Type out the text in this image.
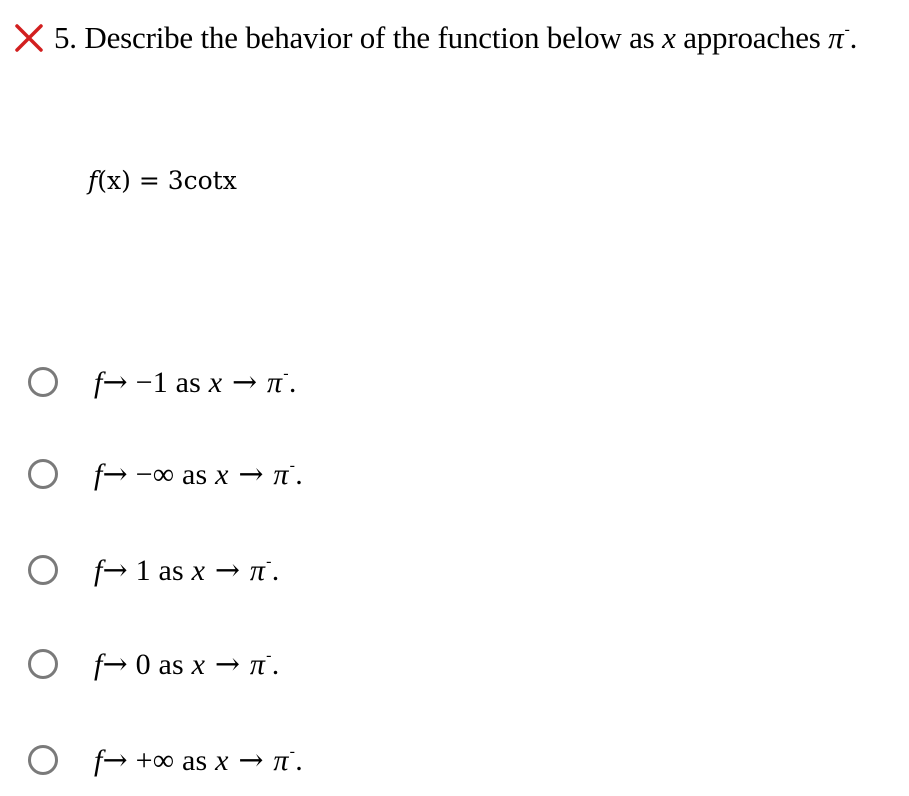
5. Describe the behavior of the function below as x approaches π-.
f(x) = 3cotx
f→ −1 as x → π-.
f→ −∞ as x → π-.
f→ 1 as x → π-.
f→ 0 as x → π-.
f→ +∞ as x → π-.
